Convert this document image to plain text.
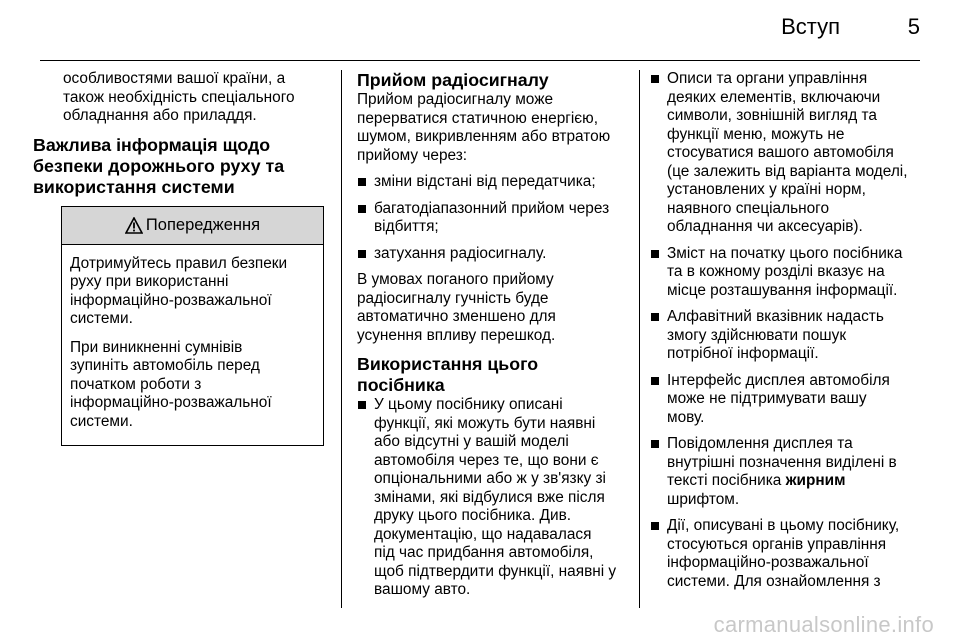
Вступ	5

особливостями вашої країни, а
також необхідність спеціального
обладнання або приладдя.

Важлива інформація щодо
безпеки дорожнього руху та
використання системи
Попередження

Дотримуйтесь правил безпеки
руху при використанні
інформаційно-розважальної
системи.

При виникненні сумнівів
зупиніть автомобіль перед
початком роботи з
інформаційно-розважальної
системи.

Прийом радіосигналу

Прийом радіосигналу може
перерватися статичною енергією,
шумом, викривленням або втратою
прийому через:

зміни відстані від передатчика;
багатодіапазонний прийом через
відбиття;
затухання радіосигналу.

В умовах поганого прийому
радіосигналу гучність буде
автоматично зменшено для
усунення впливу перешкод.

Використання цього посібника
У цьому посібнику описані
функції, які можуть бути наявні
або відсутні у вашій моделі
автомобіля через те, що вони є
опціональними або ж у зв'язку зі
змінами, які відбулися вже після
друку цього посібника. Див.
документацію, що надавалася
під час придбання автомобіля,
щоб підтвердити функції, наявні у
вашому авто.
Описи та органи управління
деяких елементів, включаючи
символи, зовнішній вигляд та
функції меню, можуть не
стосуватися вашого автомобіля
(це залежить від варіанта моделі,
установлених у країні норм,
наявного спеціального
обладнання чи аксесуарів).
Зміст на початку цього посібника
та в кожному розділі вказує на
місце розташування інформації.
Алфавітний вказівник надасть
змогу здійснювати пошук
потрібної інформації.
Інтерфейс дисплея автомобіля
може не підтримувати вашу
мову.
Повідомлення дисплея та
внутрішні позначення виділені в
тексті посібника жирним
шрифтом.
Дії, описувані в цьому посібнику,
стосуються органів управління
інформаційно-розважальної
системи. Для ознайомлення з
carmanualsonline.info
